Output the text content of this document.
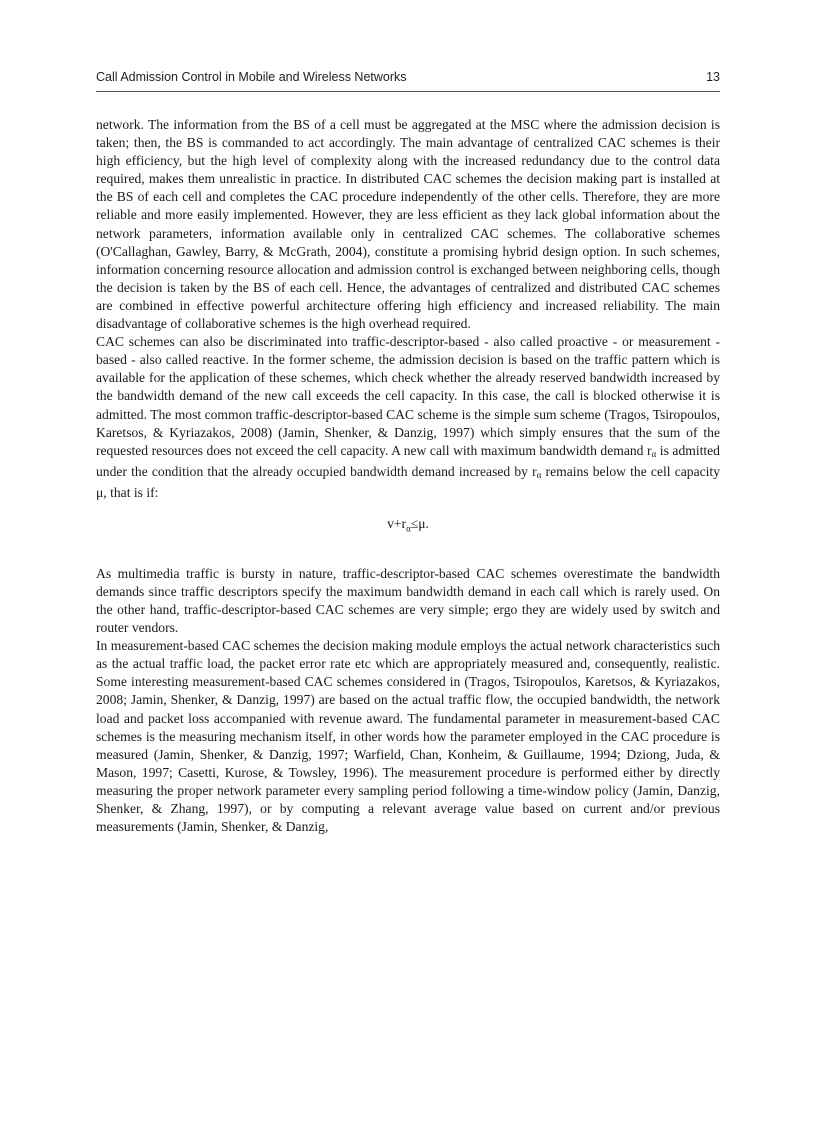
Call Admission Control in Mobile and Wireless Networks	13

network. The information from the BS of a cell must be aggregated at the MSC where the admission decision is taken; then, the BS is commanded to act accordingly. The main advantage of centralized CAC schemes is their high efficiency, but the high level of complexity along with the increased redundancy due to the control data required, makes them unrealistic in practice. In distributed CAC schemes the decision making part is installed at the BS of each cell and completes the CAC procedure independently of the other cells. Therefore, they are more reliable and more easily implemented. However, they are less efficient as they lack global information about the network parameters, information available only in centralized CAC schemes. The collaborative schemes (O'Callaghan, Gawley, Barry, & McGrath, 2004), constitute a promising hybrid design option. In such schemes, information concerning resource allocation and admission control is exchanged between neighboring cells, though the decision is taken by the BS of each cell. Hence, the advantages of centralized and distributed CAC schemes are combined in effective powerful architecture offering high efficiency and increased reliability. The main disadvantage of collaborative schemes is the high overhead required.

CAC schemes can also be discriminated into traffic-descriptor-based - also called proactive - or measurement - based - also called reactive. In the former scheme, the admission decision is based on the traffic pattern which is available for the application of these schemes, which check whether the already reserved bandwidth increased by the bandwidth demand of the new call exceeds the cell capacity. In this case, the call is blocked otherwise it is admitted. The most common traffic-descriptor-based CAC scheme is the simple sum scheme (Tragos, Tsiropoulos, Karetsos, & Kyriazakos, 2008) (Jamin, Shenker, & Danzig, 1997) which simply ensures that the sum of the requested resources does not exceed the cell capacity. A new call with maximum bandwidth demand $r_\alpha$ is admitted under the condition that the already occupied bandwidth demand increased by $r_\alpha$ remains below the cell capacity μ, that is if:

$v+r_\alpha\le\mu$.

As multimedia traffic is bursty in nature, traffic-descriptor-based CAC schemes overestimate the bandwidth demands since traffic descriptors specify the maximum bandwidth demand in each call which is rarely used. On the other hand, traffic-descriptor-based CAC schemes are very simple; ergo they are widely used by switch and router vendors.

In measurement-based CAC schemes the decision making module employs the actual network characteristics such as the actual traffic load, the packet error rate etc which are appropriately measured and, consequently, realistic. Some interesting measurement-based CAC schemes considered in (Tragos, Tsiropoulos, Karetsos, & Kyriazakos, 2008; Jamin, Shenker, & Danzig, 1997) are based on the actual traffic flow, the occupied bandwidth, the network load and packet loss accompanied with revenue award. The fundamental parameter in measurement-based CAC schemes is the measuring mechanism itself, in other words how the parameter employed in the CAC procedure is measured (Jamin, Shenker, & Danzig, 1997; Warfield, Chan, Konheim, & Guillaume, 1994; Dziong, Juda, & Mason, 1997; Casetti, Kurose, & Towsley, 1996). The measurement procedure is performed either by directly measuring the proper network parameter every sampling period following a time-window policy (Jamin, Danzig, Shenker, & Zhang, 1997), or by computing a relevant average value based on current and/or previous measurements (Jamin, Shenker, & Danzig,
